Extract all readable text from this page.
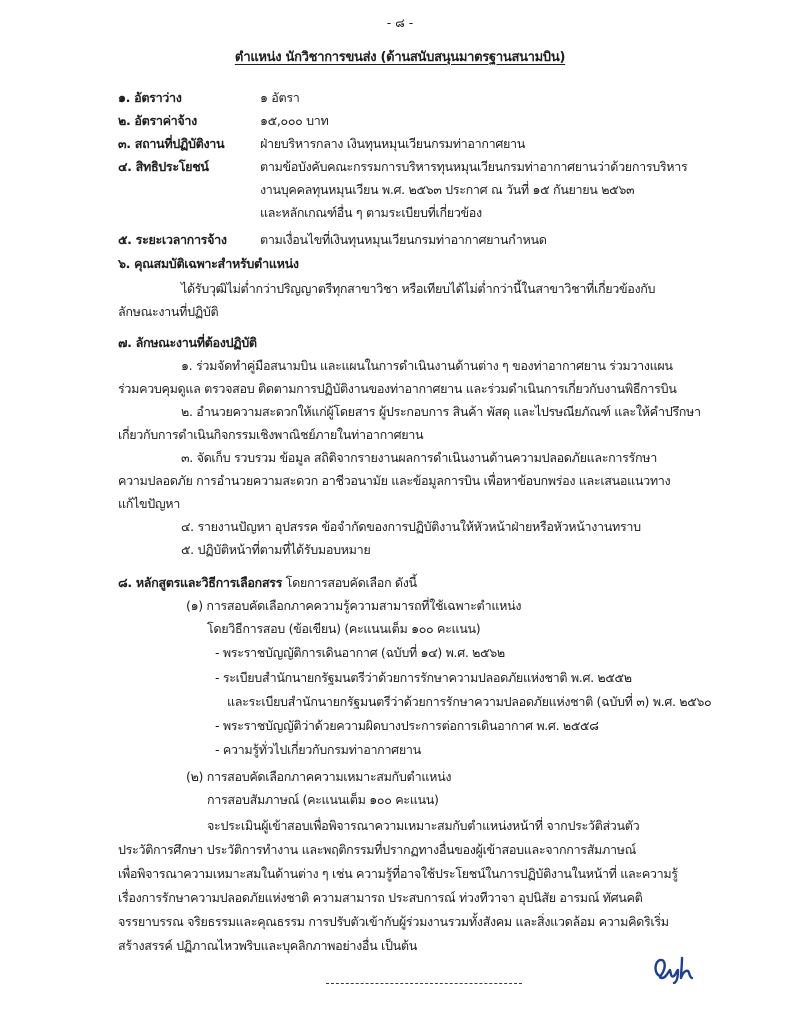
- ๘ -
ตำแหน่ง นักวิชาการขนส่ง (ด้านสนับสนุนมาตรฐานสนามบิน)
๑. อัตราว่าง	๑ อัตรา
๒. อัตราค่าจ้าง	๑๕,๐๐๐ บาท
๓. สถานที่ปฏิบัติงาน	ฝ่ายบริหารกลาง เงินทุนหมุนเวียนกรมท่าอากาศยาน
๔. สิทธิประโยชน์	ตามข้อบังคับคณะกรรมการบริหารทุนหมุนเวียนกรมท่าอากาศยานว่าด้วยการบริหาร
งานบุคคลทุนหมุนเวียน พ.ศ. ๒๕๖๓ ประกาศ ณ วันที่ ๑๕ กันยายน ๒๕๖๓
และหลักเกณฑ์อื่น ๆ ตามระเบียบที่เกี่ยวข้อง
๕. ระยะเวลาการจ้าง	ตามเงื่อนไขที่เงินทุนหมุนเวียนกรมท่าอากาศยานกำหนด
๖. คุณสมบัติเฉพาะสำหรับตำแหน่ง
ได้รับวุฒิไม่ต่ำกว่าปริญญาตรีทุกสาขาวิชา หรือเทียบได้ไม่ต่ำกว่านี้ในสาขาวิชาที่เกี่ยวข้องกับ
ลักษณะงานที่ปฏิบัติ
๗. ลักษณะงานที่ต้องปฏิบัติ
๑. ร่วมจัดทำคู่มือสนามบิน และแผนในการดำเนินงานด้านต่าง ๆ ของท่าอากาศยาน ร่วมวางแผน
ร่วมควบคุมดูแล ตรวจสอบ ติดตามการปฏิบัติงานของท่าอากาศยาน และร่วมดำเนินการเกี่ยวกับงานพิธีการบิน
๒. อำนวยความสะดวกให้แก่ผู้โดยสาร ผู้ประกอบการ สินค้า พัสดุ และไปรษณียภัณฑ์ และให้คำปรึกษา
เกี่ยวกับการดำเนินกิจกรรมเชิงพาณิชย์ภายในท่าอากาศยาน
๓. จัดเก็บ รวบรวม ข้อมูล สถิติจากรายงานผลการดำเนินงานด้านความปลอดภัยและการรักษา
ความปลอดภัย การอำนวยความสะดวก อาชีวอนามัย และข้อมูลการบิน เพื่อหาข้อบกพร่อง และเสนอแนวทาง
แก้ไขปัญหา
๔. รายงานปัญหา อุปสรรค ข้อจำกัดของการปฏิบัติงานให้หัวหน้าฝ่ายหรือหัวหน้างานทราบ
๕. ปฏิบัติหน้าที่ตามที่ได้รับมอบหมาย
๘. หลักสูตรและวิธีการเลือกสรร โดยการสอบคัดเลือก ดังนี้
(๑) การสอบคัดเลือกภาคความรู้ความสามารถที่ใช้เฉพาะตำแหน่ง
โดยวิธีการสอบ (ข้อเขียน) (คะแนนเต็ม ๑๐๐ คะแนน)
- พระราชบัญญัติการเดินอากาศ (ฉบับที่ ๑๔) พ.ศ. ๒๕๖๒
- ระเบียบสำนักนายกรัฐมนตรีว่าด้วยการรักษาความปลอดภัยแห่งชาติ พ.ศ. ๒๕๕๒
และระเบียบสำนักนายกรัฐมนตรีว่าด้วยการรักษาความปลอดภัยแห่งชาติ (ฉบับที่ ๓) พ.ศ. ๒๕๖๐
- พระราชบัญญัติว่าด้วยความผิดบางประการต่อการเดินอากาศ พ.ศ. ๒๕๕๘
- ความรู้ทั่วไปเกี่ยวกับกรมท่าอากาศยาน
(๒) การสอบคัดเลือกภาคความเหมาะสมกับตำแหน่ง
การสอบสัมภาษณ์ (คะแนนเต็ม ๑๐๐ คะแนน)
จะประเมินผู้เข้าสอบเพื่อพิจารณาความเหมาะสมกับตำแหน่งหน้าที่ จากประวัติส่วนตัว
ประวัติการศึกษา ประวัติการทำงาน และพฤติกรรมที่ปรากฏทางอื่นของผู้เข้าสอบและจากการสัมภาษณ์
เพื่อพิจารณาความเหมาะสมในด้านต่าง ๆ เช่น ความรู้ที่อาจใช้ประโยชน์ในการปฏิบัติงานในหน้าที่ และความรู้
เรื่องการรักษาความปลอดภัยแห่งชาติ ความสามารถ ประสบการณ์ ท่วงทีวาจา อุปนิสัย อารมณ์ ทัศนคติ
จรรยาบรรณ จริยธรรมและคุณธรรม การปรับตัวเข้ากับผู้ร่วมงานรวมทั้งสังคม และสิ่งแวดล้อม ความคิดริเริ่ม
สร้างสรรค์ ปฏิภาณไหวพริบและบุคลิกภาพอย่างอื่น เป็นต้น
